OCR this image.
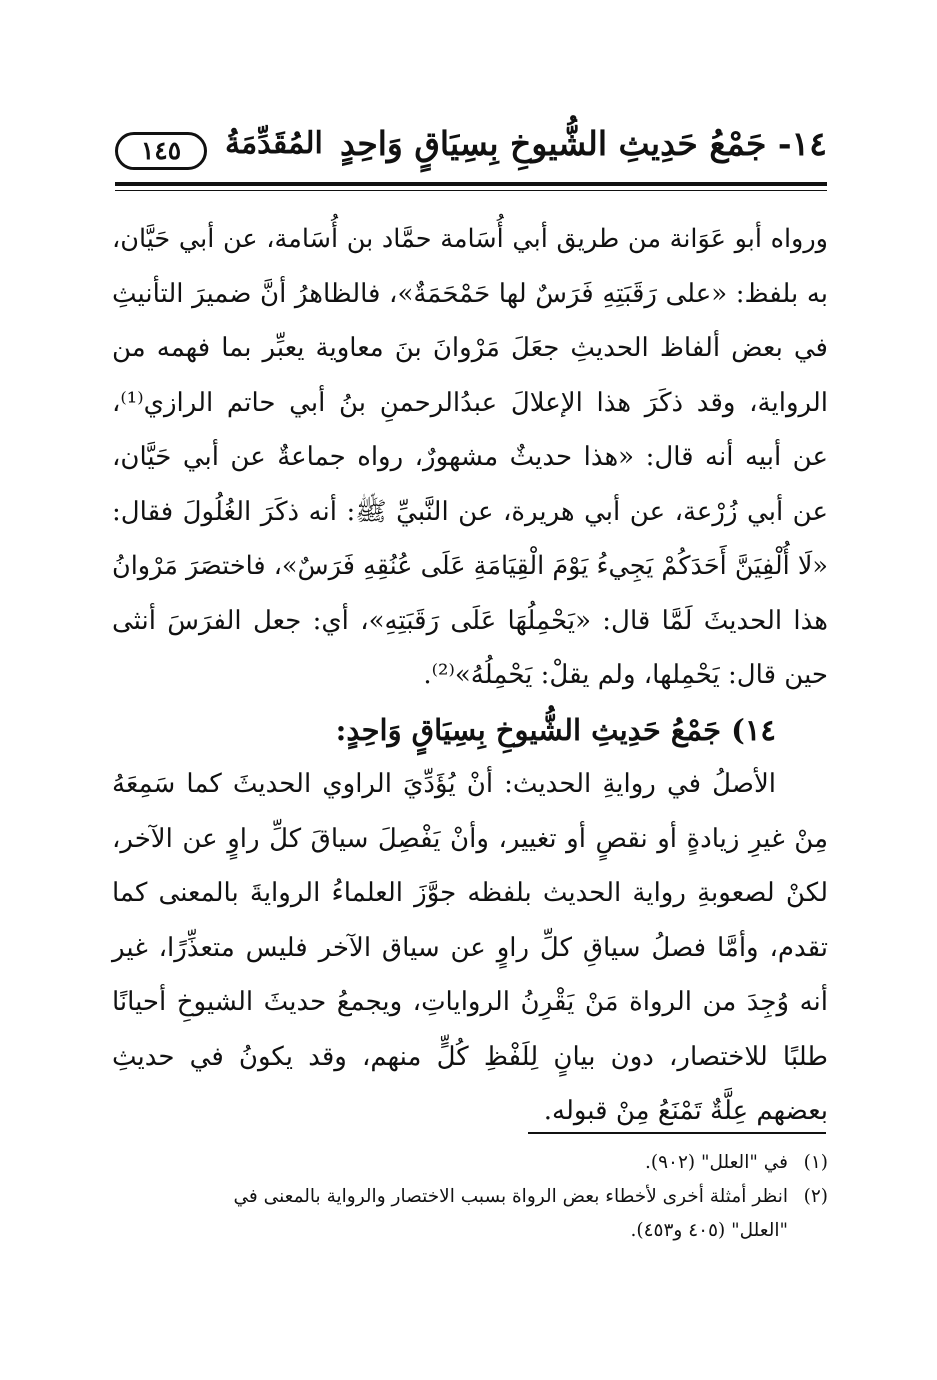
١٤- جَمْعُ حَدِيثِ الشُّيوخِ بِسِيَاقٍ وَاحِدٍ
المُقَدِّمَةُ
١٤٥
ورواه أبو عَوَانة من طريق أبي أُسَامة حمَّاد بن أُسَامة، عن أبي حَيَّان،
به بلفظ: «على رَقَبَتِهِ فَرَسٌ لها حَمْحَمَةٌ»، فالظاهرُ أنَّ ضميرَ التأنيثِ
في بعض ألفاظ الحديثِ جعَلَ مَرْوانَ بنَ معاوية يعبِّر بما فهمه من
الرواية، وقد ذكَرَ هذا الإعلالَ عبدُالرحمنِ بنُ أبي حاتم الرازي⁽¹⁾،
عن أبيه أنه قال: «هذا حديثٌ مشهورٌ، رواه جماعةٌ عن أبي حَيَّان،
عن أبي زُرْعة، عن أبي هريرة، عن النَّبيِّ ﷺ: أنه ذكَرَ الغُلُولَ فقال:
«لَا أُلْفِيَنَّ أَحَدَكُمْ يَجِيءُ يَوْمَ الْقِيَامَةِ عَلَى عُنُقِهِ فَرَسٌ»، فاختصَرَ مَرْوانُ
هذا الحديثَ لَمَّا قال: «يَحْمِلُهَا عَلَى رَقَبَتِهِ»، أي: جعل الفرَسَ أنثى
حين قال: يَحْمِلها، ولم يقلْ: يَحْمِلُهُ»⁽²⁾.
١٤) جَمْعُ حَدِيثِ الشُّيوخِ بِسِيَاقٍ وَاحِدٍ:
الأصلُ في روايةِ الحديث: أنْ يُؤَدِّيَ الراوي الحديثَ كما سَمِعَهُ
مِنْ غيرِ زيادةٍ أو نقصٍ أو تغيير، وأنْ يَفْصِلَ سياقَ كلِّ راوٍ عن الآخر،
لكنْ لصعوبةِ رواية الحديث بلفظه جوَّزَ العلماءُ الروايةَ بالمعنى كما
تقدم، وأمَّا فصلُ سياقِ كلِّ راوٍ عن سياق الآخر فليس متعذِّرًا، غير
أنه وُجِدَ من الرواة مَنْ يَقْرِنُ الرواياتِ، ويجمعُ حديثَ الشيوخِ أحيانًا
طلبًا للاختصار، دون بيانٍ لِلَفْظِ كُلٍّ منهم، وقد يكونُ في حديثِ
بعضهم عِلَّةٌ تَمْنَعُ مِنْ قبوله.
(١)في "العلل" (٩٠٢).
(٢)انظر أمثلة أخرى لأخطاء بعض الرواة بسبب الاختصار والرواية بالمعنى في
"العلل" (٤٠٥ و٤٥٣).
